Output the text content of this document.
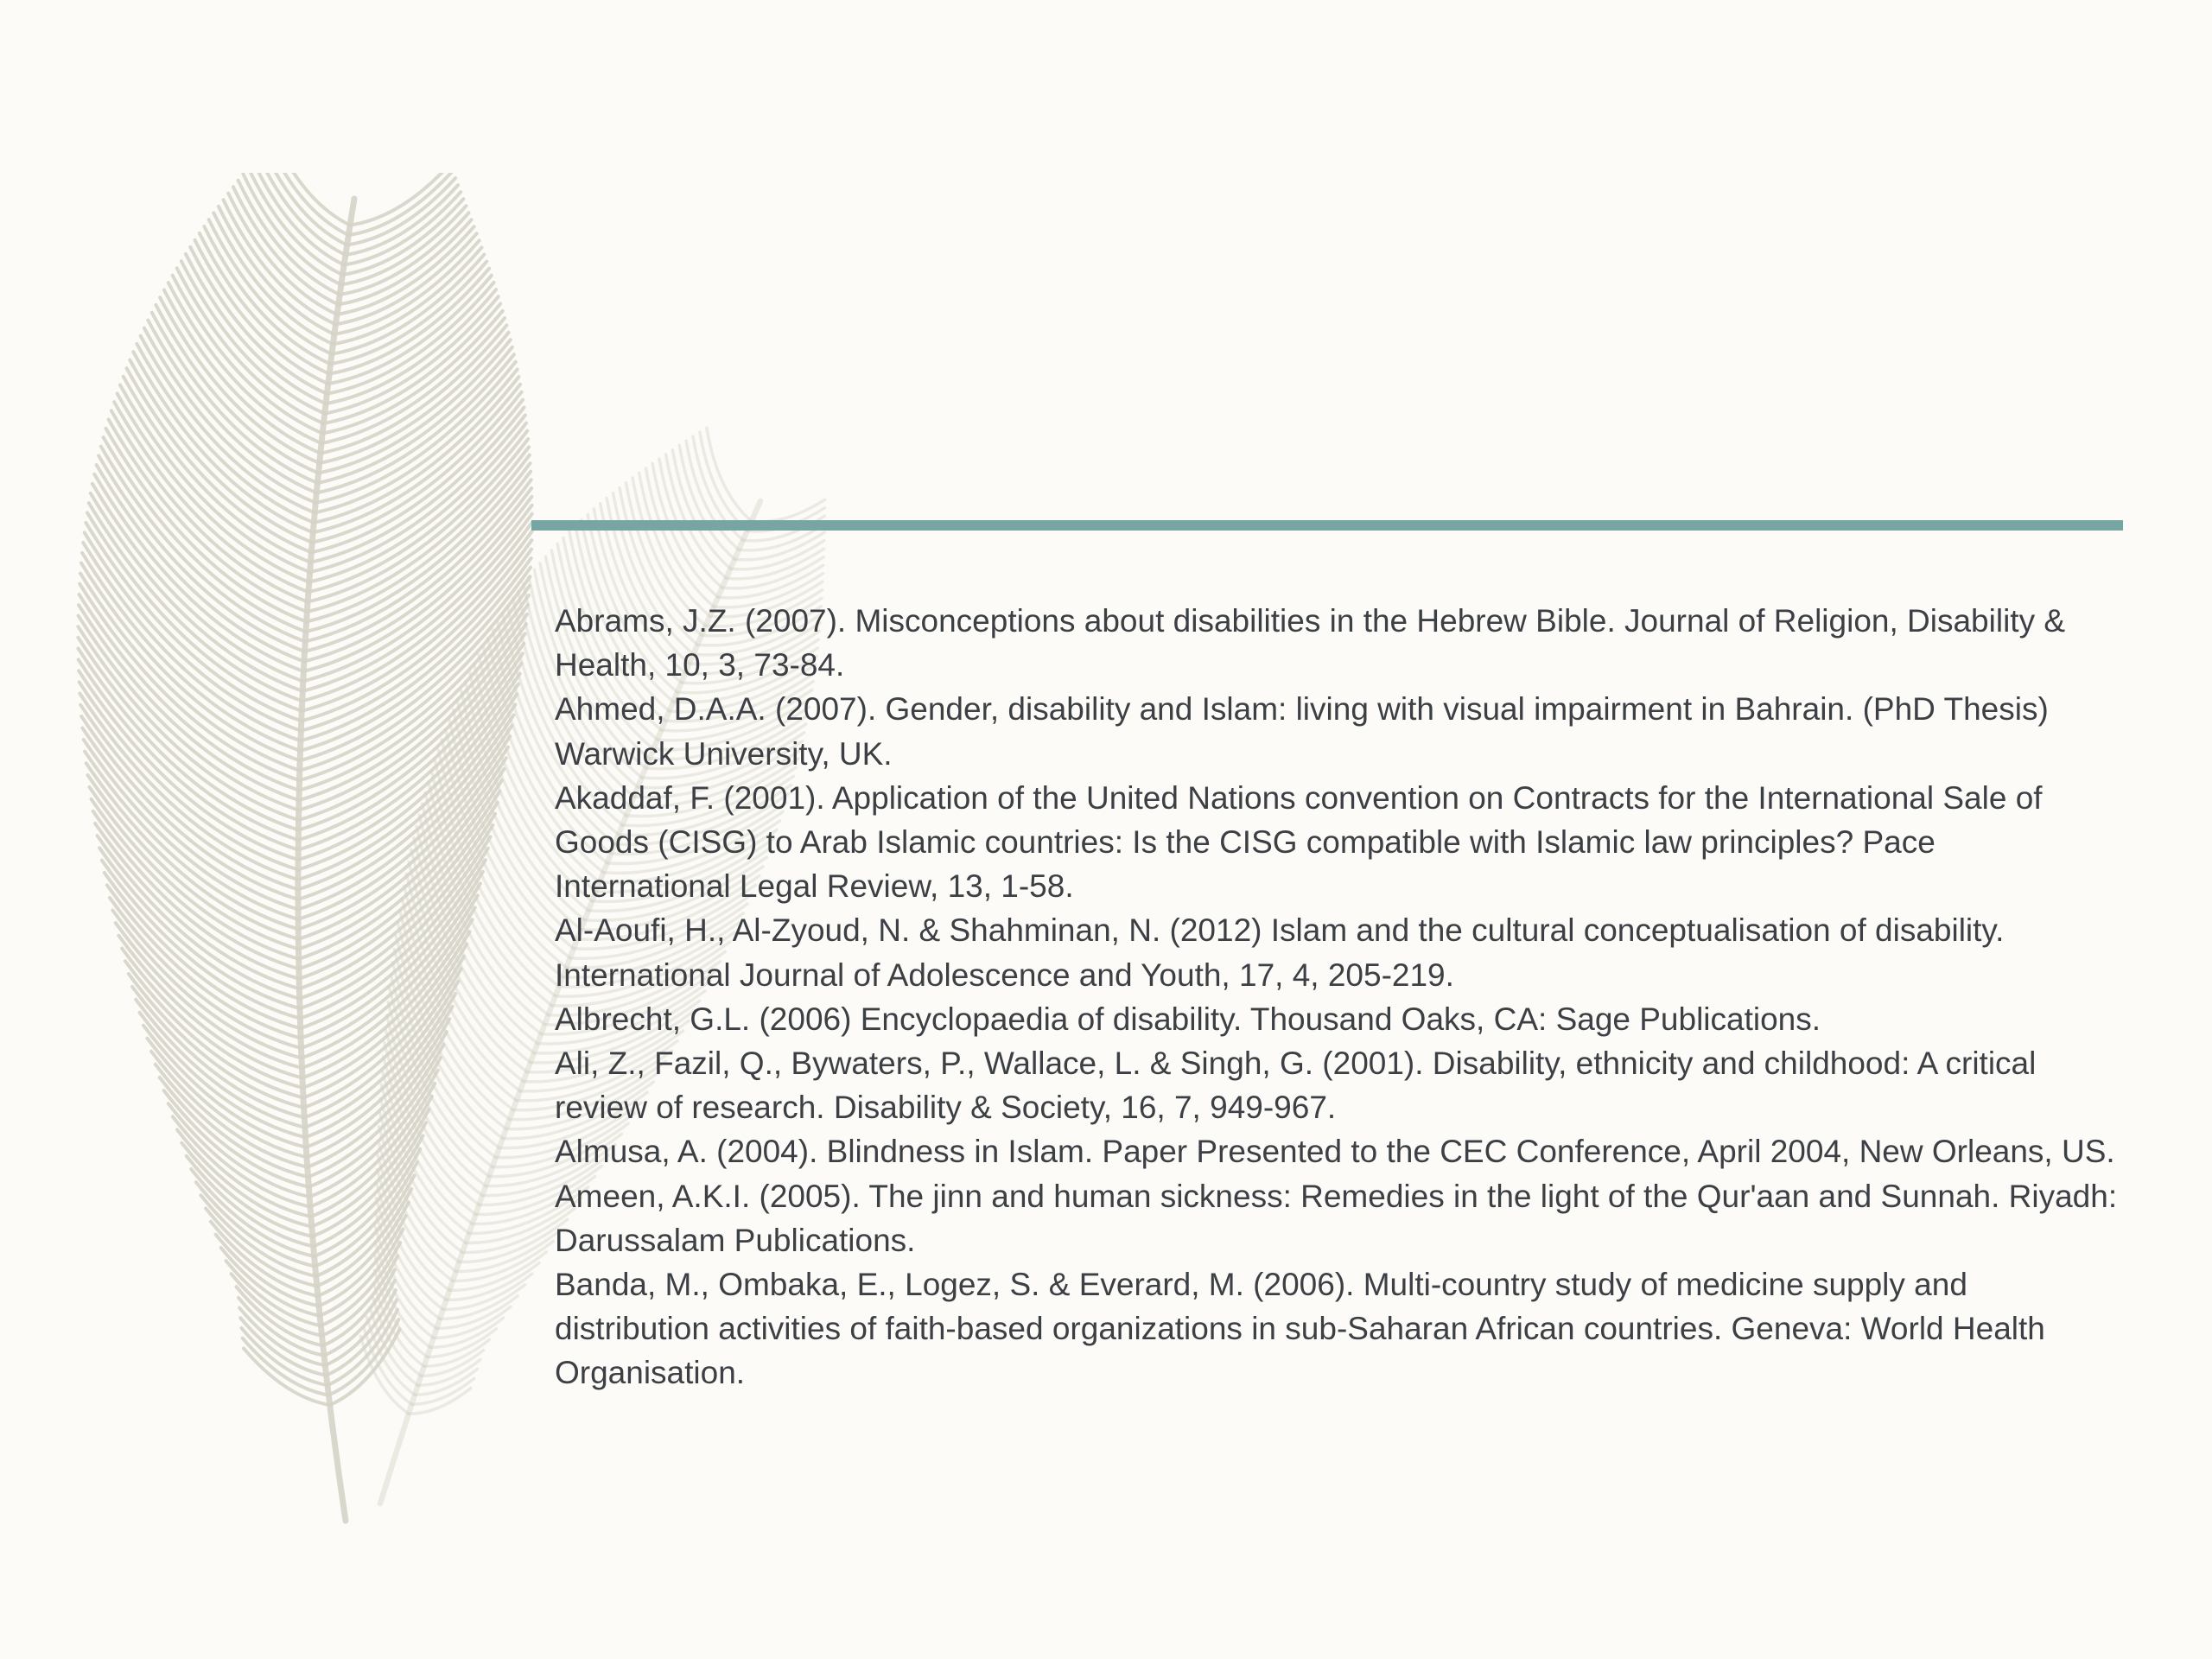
Abrams, J.Z. (2007). Misconceptions about disabilities in the Hebrew Bible. Journal of Religion, Disability & Health, 10, 3, 73-84.
Ahmed, D.A.A. (2007). Gender, disability and Islam: living with visual impairment in Bahrain. (PhD Thesis) Warwick University, UK.
Akaddaf, F. (2001). Application of the United Nations convention on Contracts for the International Sale of Goods (CISG) to Arab Islamic countries: Is the CISG compatible with Islamic law principles? Pace International Legal Review, 13, 1-58.
Al-Aoufi, H., Al-Zyoud, N. & Shahminan, N. (2012) Islam and the cultural conceptualisation of disability. International Journal of Adolescence and Youth, 17, 4, 205-219.
Albrecht, G.L. (2006) Encyclopaedia of disability. Thousand Oaks, CA: Sage Publications.
Ali, Z., Fazil, Q., Bywaters, P., Wallace, L. & Singh, G. (2001). Disability, ethnicity and childhood: A critical review of research. Disability & Society, 16, 7, 949-967.
Almusa, A. (2004). Blindness in Islam. Paper Presented to the CEC Conference, April 2004, New Orleans, US.
Ameen, A.K.I. (2005). The jinn and human sickness: Remedies in the light of the Qur'aan and Sunnah. Riyadh: Darussalam Publications.
Banda, M., Ombaka, E., Logez, S. & Everard, M. (2006). Multi-country study of medicine supply and distribution activities of faith-based organizations in sub-Saharan African countries. Geneva: World Health Organisation.
